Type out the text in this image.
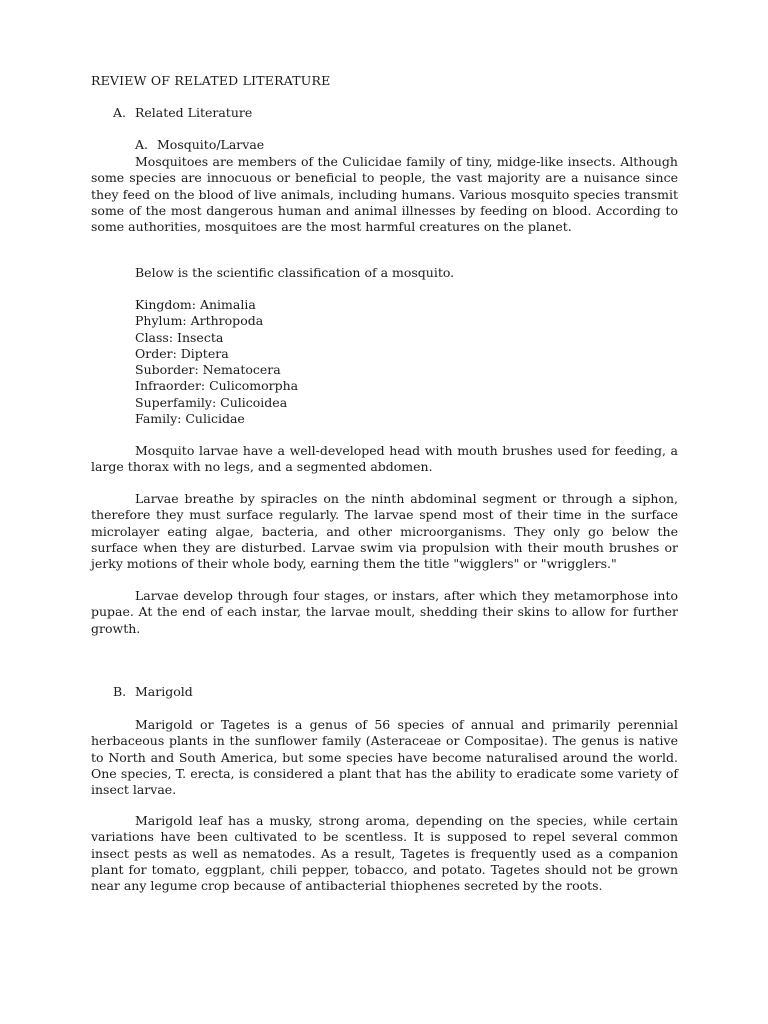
REVIEW OF RELATED LITERATURE
A. Related Literature
A. Mosquito/Larvae

Mosquitoes are members of the Culicidae family of tiny, midge-like insects. Although some species are innocuous or beneficial to people, the vast majority are a nuisance since they feed on the blood of live animals, including humans. Various mosquito species transmit some of the most dangerous human and animal illnesses by feeding on blood. According to some authorities, mosquitoes are the most harmful creatures on the planet.

Below is the scientific classification of a mosquito.
Kingdom: Animalia
Phylum: Arthropoda
Class: Insecta
Order: Diptera
Suborder: Nematocera
Infraorder: Culicomorpha
Superfamily: Culicoidea
Family: Culicidae

Mosquito larvae have a well-developed head with mouth brushes used for feeding, a large thorax with no legs, and a segmented abdomen.

Larvae breathe by spiracles on the ninth abdominal segment or through a siphon, therefore they must surface regularly. The larvae spend most of their time in the surface microlayer eating algae, bacteria, and other microorganisms. They only go below the surface when they are disturbed. Larvae swim via propulsion with their mouth brushes or jerky motions of their whole body, earning them the title "wigglers" or "wrigglers."

Larvae develop through four stages, or instars, after which they metamorphose into pupae. At the end of each instar, the larvae moult, shedding their skins to allow for further growth.

B. Marigold

Marigold or Tagetes is a genus of 56 species of annual and primarily perennial herbaceous plants in the sunflower family (Asteraceae or Compositae). The genus is native to North and South America, but some species have become naturalised around the world. One species, T. erecta, is considered a plant that has the ability to eradicate some variety of insect larvae.

Marigold leaf has a musky, strong aroma, depending on the species, while certain variations have been cultivated to be scentless. It is supposed to repel several common insect pests as well as nematodes. As a result, Tagetes is frequently used as a companion plant for tomato, eggplant, chili pepper, tobacco, and potato. Tagetes should not be grown near any legume crop because of antibacterial thiophenes secreted by the roots.
